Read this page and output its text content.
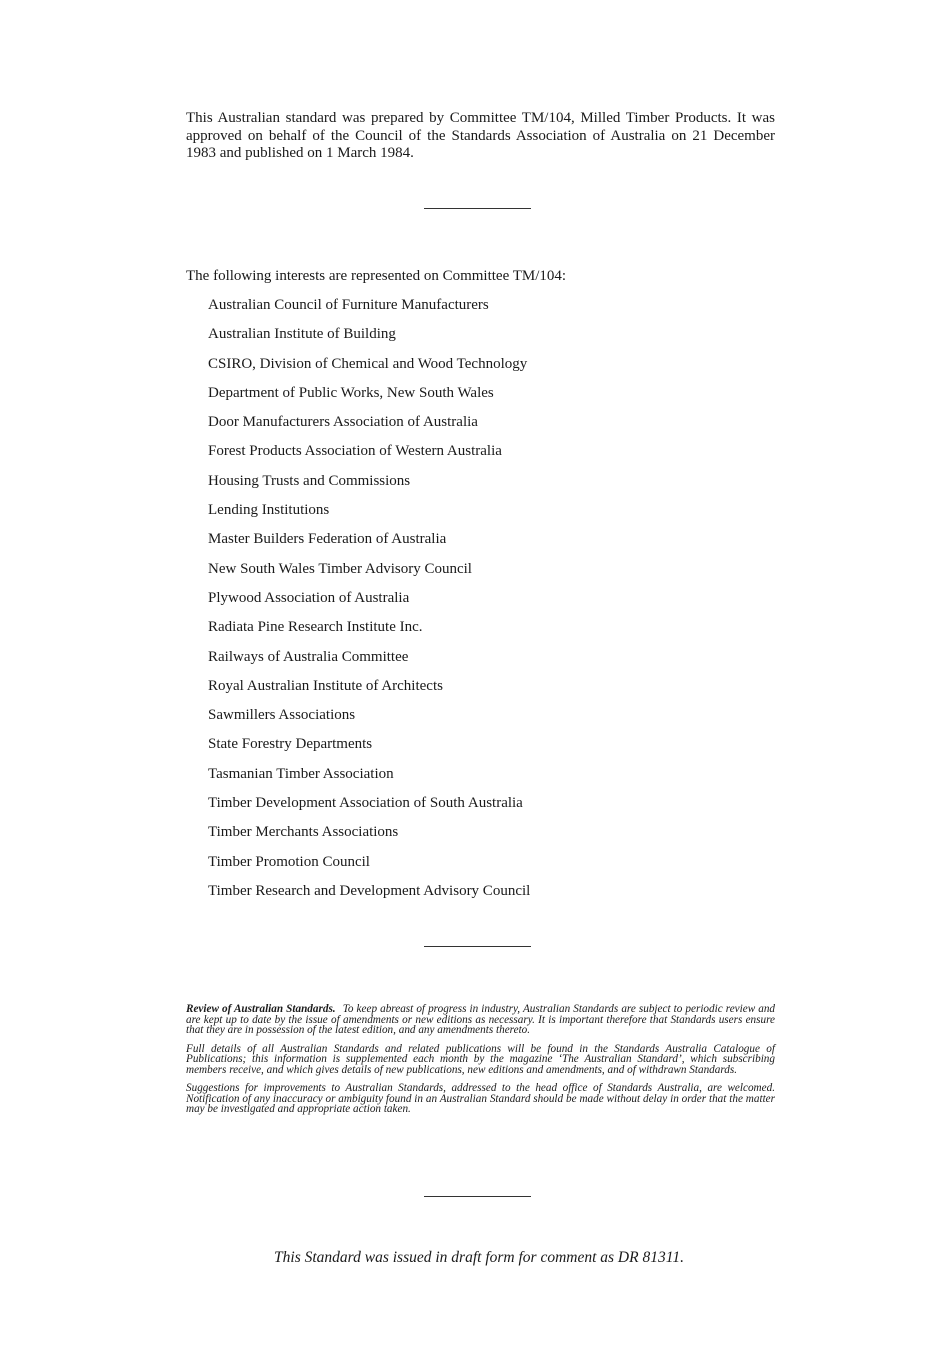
This Australian standard was prepared by Committee TM/104, Milled Timber Products. It was approved on behalf of the Council of the Standards Association of Australia on 21 December 1983 and published on 1 March 1984.

The following interests are represented on Committee TM/104:

Australian Council of Furniture Manufacturers
Australian Institute of Building
CSIRO, Division of Chemical and Wood Technology
Department of Public Works, New South Wales
Door Manufacturers Association of Australia
Forest Products Association of Western Australia
Housing Trusts and Commissions
Lending Institutions
Master Builders Federation of Australia
New South Wales Timber Advisory Council
Plywood Association of Australia
Radiata Pine Research Institute Inc.
Railways of Australia Committee
Royal Australian Institute of Architects
Sawmillers Associations
State Forestry Departments
Tasmanian Timber Association
Timber Development Association of South Australia
Timber Merchants Associations
Timber Promotion Council
Timber Research and Development Advisory Council

Review of Australian Standards. To keep abreast of progress in industry, Australian Standards are subject to periodic review and are kept up to date by the issue of amendments or new editions as necessary. It is important therefore that Standards users ensure that they are in possession of the latest edition, and any amendments thereto.

Full details of all Australian Standards and related publications will be found in the Standards Australia Catalogue of Publications; this information is supplemented each month by the magazine ‘The Australian Standard’, which subscribing members receive, and which gives details of new publications, new editions and amendments, and of withdrawn Standards.

Suggestions for improvements to Australian Standards, addressed to the head office of Standards Australia, are welcomed. Notification of any inaccuracy or ambiguity found in an Australian Standard should be made without delay in order that the matter may be investigated and appropriate action taken.

This Standard was issued in draft form for comment as DR 81311.
